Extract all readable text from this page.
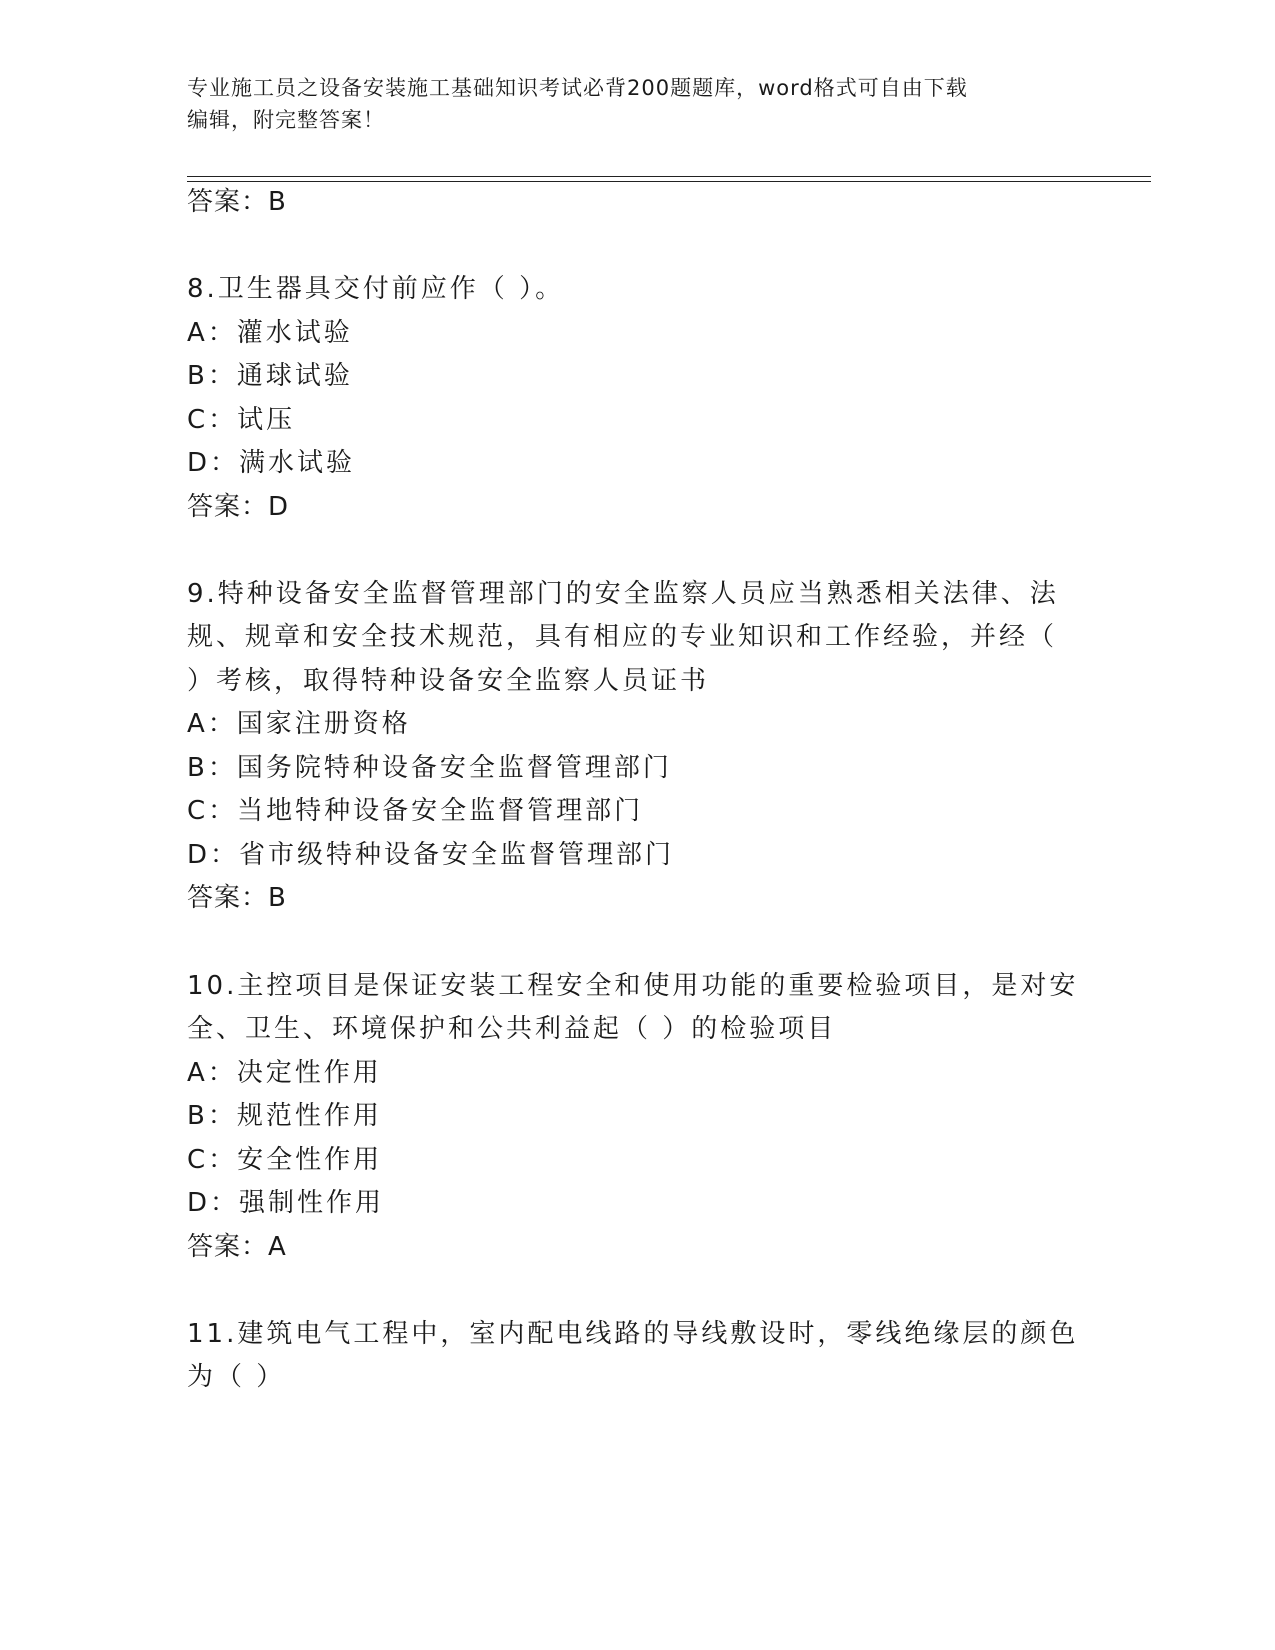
专业施工员之设备安装施工基础知识考试必背200题题库，word格式可自由下载
编辑，附完整答案！
答案：B
8.卫生器具交付前应作（ ）。
A：灌水试验
B：通球试验
C：试压
D：满水试验
答案：D
9.特种设备安全监督管理部门的安全监察人员应当熟悉相关法律、法
规、规章和安全技术规范，具有相应的专业知识和工作经验，并经（
）考核，取得特种设备安全监察人员证书
A：国家注册资格
B：国务院特种设备安全监督管理部门
C：当地特种设备安全监督管理部门
D：省市级特种设备安全监督管理部门
答案：B
10.主控项目是保证安装工程安全和使用功能的重要检验项目，是对安
全、卫生、环境保护和公共利益起（ ）的检验项目
A：决定性作用
B：规范性作用
C：安全性作用
D：强制性作用
答案：A
11.建筑电气工程中，室内配电线路的导线敷设时，零线绝缘层的颜色
为（ ）
